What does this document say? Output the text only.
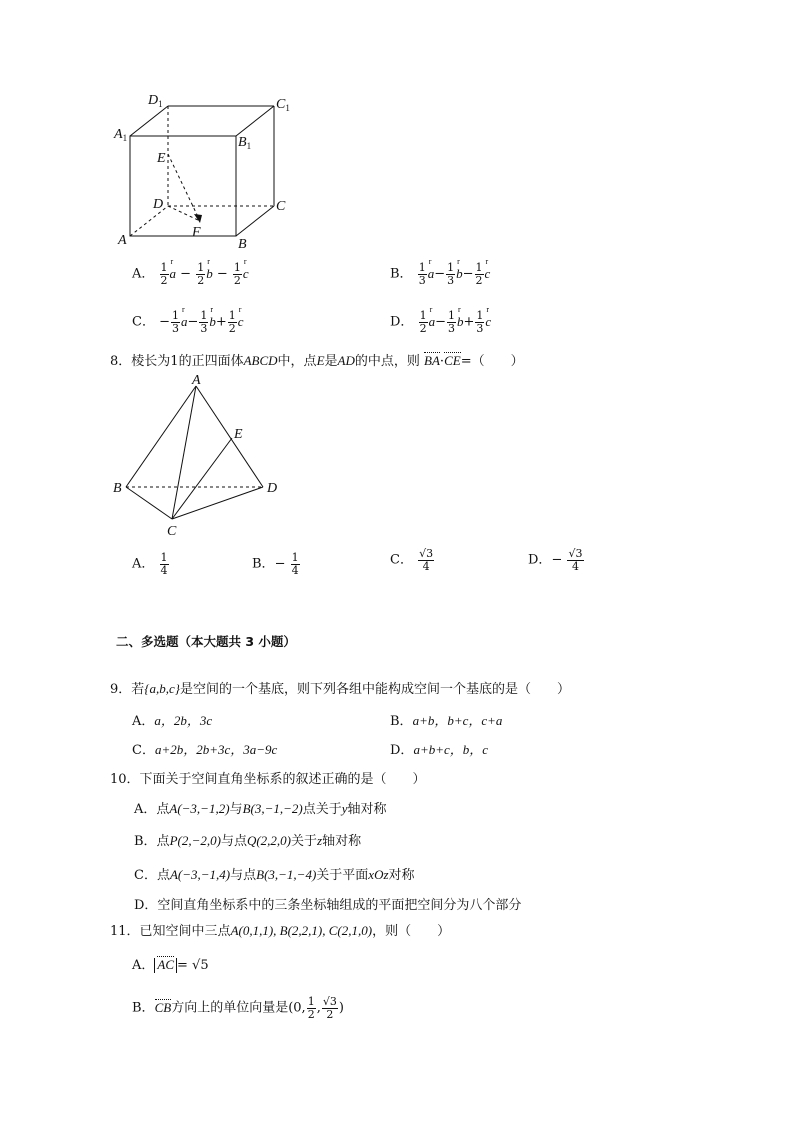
$D_1$	$C_1$
$A_1$	$B_1$
E
D	C
A
F
B
A． $\frac{1}{2}$ r $a - \frac{1}{2}$ r $b - \frac{1}{2}$ r c	B． $\frac{1}{3}$ r $a- \frac{1}{3}$ r $b- \frac{1}{2}$ r c
C． − $\frac{1}{3}$ r $a- \frac{1}{3}$ r $b+ \frac{1}{2}$ r c	D． $\frac{1}{2}$ r $a- \frac{1}{3}$ r $b+ \frac{1}{3}$ r c
8．棱长为1的正四面体ABCD中，点E是AD的中点，则 BA·CE=（　　）
A
E
B	D
C
A． $\frac{1}{4}$	B．− $\frac{1}{4}$	C． $\frac{√3}{4}$	D．− $\frac{√3}{4}$
二、多选题（本大题共 3 小题）
9．若{a,b,c}是空间的一个基底，则下列各组中能构成空间一个基底的是（　　）
A．a，2b，3c	B．a+b，b+c，c+a
C．a+2b，2b+3c，3a−9c	D．a+b+c，b，c
10．下面关于空间直角坐标系的叙述正确的是（　　）
A．点A(−3,−1,2)与B(3,−1,−2)点关于y轴对称
B．点P(2,−2,0)与点Q(2,2,0)关于z轴对称
C．点A(−3,−1,4)与点B(3,−1,−4)关于平面xOz对称
D．空间直角坐标系中的三条坐标轴组成的平面把空间分为八个部分
11．已知空间中三点A(0,1,1), B(2,2,1), C(2,1,0)，则（　　）
A． AC = √5
B．CB方向上的单位向量是(0, $\frac{1}{2}$ , $\frac{√3}{2}$ )
